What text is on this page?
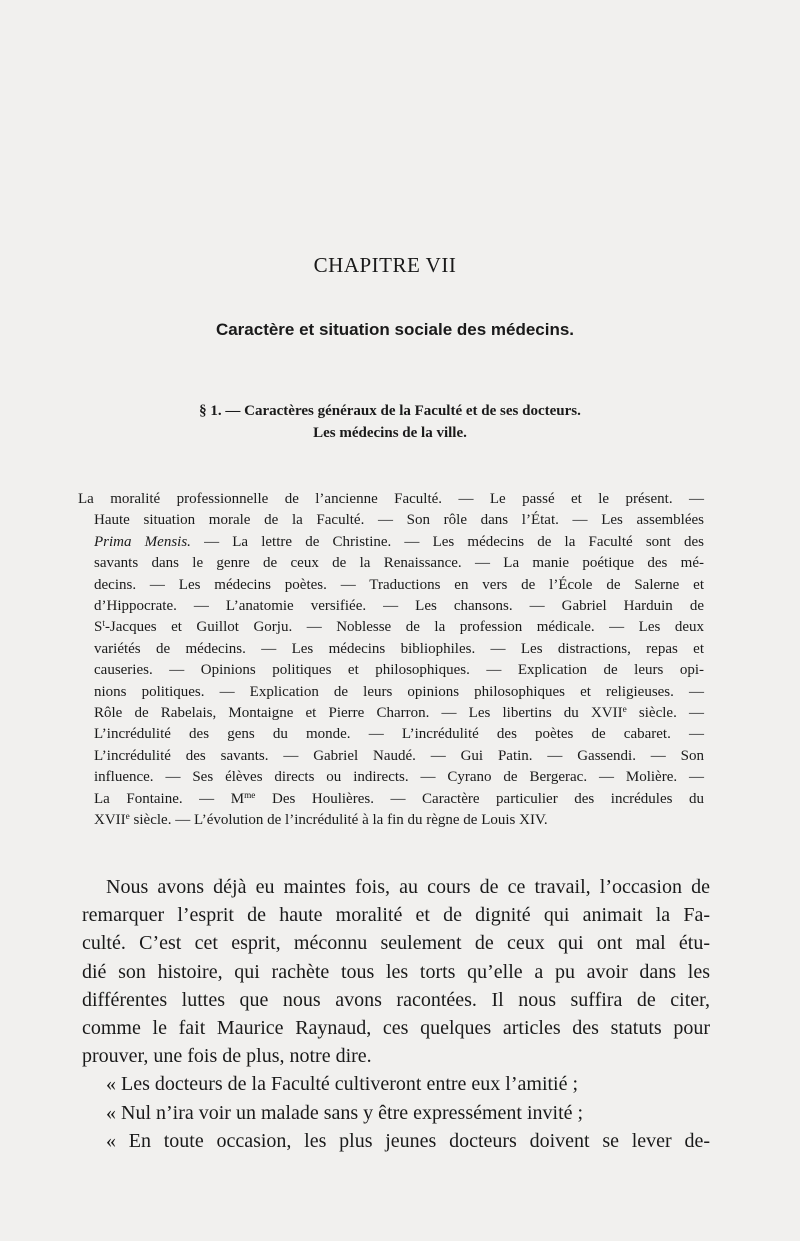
CHAPITRE VII
Caractère et situation sociale des médecins.
§ 1. — Caractères généraux de la Faculté et de ses docteurs.
Les médecins de la ville.
La moralité professionnelle de l’ancienne Faculté. — Le passé et le présent. —
Haute situation morale de la Faculté. — Son rôle dans l’État. — Les assemblées
Prima Mensis. — La lettre de Christine. — Les médecins de la Faculté sont des
savants dans le genre de ceux de la Renaissance. — La manie poétique des mé-
decins. — Les médecins poètes. — Traductions en vers de l’École de Salerne et
d’Hippocrate. — L’anatomie versifiée. — Les chansons. — Gabriel Harduin de
$S^t$-Jacques et Guillot Gorju. — Noblesse de la profession médicale. — Les deux
variétés de médecins. — Les médecins bibliophiles. — Les distractions, repas et
causeries. — Opinions politiques et philosophiques. — Explication de leurs opi-
nions politiques. — Explication de leurs opinions philosophiques et religieuses. —
Rôle de Rabelais, Montaigne et Pierre Charron. — Les libertins du XVIIe siècle. —
L’incrédulité des gens du monde. — L’incrédulité des poètes de cabaret. —
L’incrédulité des savants. — Gabriel Naudé. — Gui Patin. — Gassendi. — Son
influence. — Ses élèves directs ou indirects. — Cyrano de Bergerac. — Molière. —
La Fontaine. — $M^{me}$ Des Houlières. — Caractère particulier des incrédules du
XVIIe siècle. — L’évolution de l’incrédulité à la fin du règne de Louis XIV.
Nous avons déjà eu maintes fois, au cours de ce travail, l’occasion de
remarquer l’esprit de haute moralité et de dignité qui animait la Fa-
culté. C’est cet esprit, méconnu seulement de ceux qui ont mal étu-
dié son histoire, qui rachète tous les torts qu’elle a pu avoir dans les
différentes luttes que nous avons racontées. Il nous suffira de citer,
comme le fait Maurice Raynaud, ces quelques articles des statuts pour
prouver, une fois de plus, notre dire.
« Les docteurs de la Faculté cultiveront entre eux l’amitié ;
« Nul n’ira voir un malade sans y être expressément invité ;
« En toute occasion, les plus jeunes docteurs doivent se lever de-
